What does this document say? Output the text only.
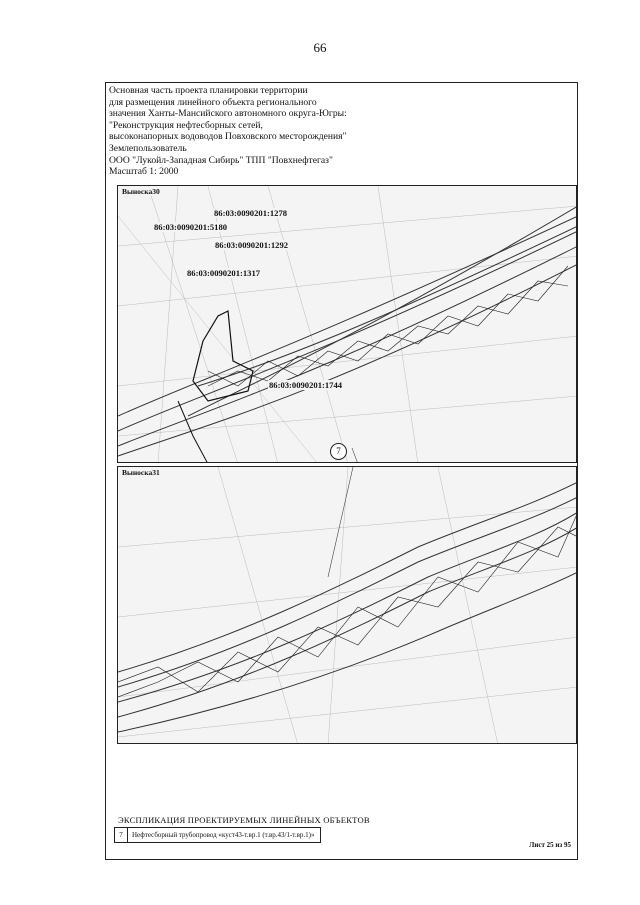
66
Основная часть проекта планировки территории
для размещения линейного объекта регионального
значения Ханты-Мансийского автономного округа-Югры:
"Реконструкция нефтесборных сетей,
высоконапорных водоводов Повховского месторождения"
Землепользователь
ООО "Лукойл-Западная Сибирь" ТПП "Повхнефтегаз"
Масштаб 1: 2000
Выноска30
86:03:0090201:1278
86:03:0090201:5180
86:03:0090201:1292
86:03:0090201:1317
86:03:0090201:1744
7
Выноска31
ЭКСПЛИКАЦИЯ ПРОЕКТИРУЕМЫХ ЛИНЕЙНЫХ ОБЪЕКТОВ
7	Нефтесборный трубопровод «куст43-т.вр.1 (т.вр.43/1-т.вр.1)»
Лист 25 из 95
